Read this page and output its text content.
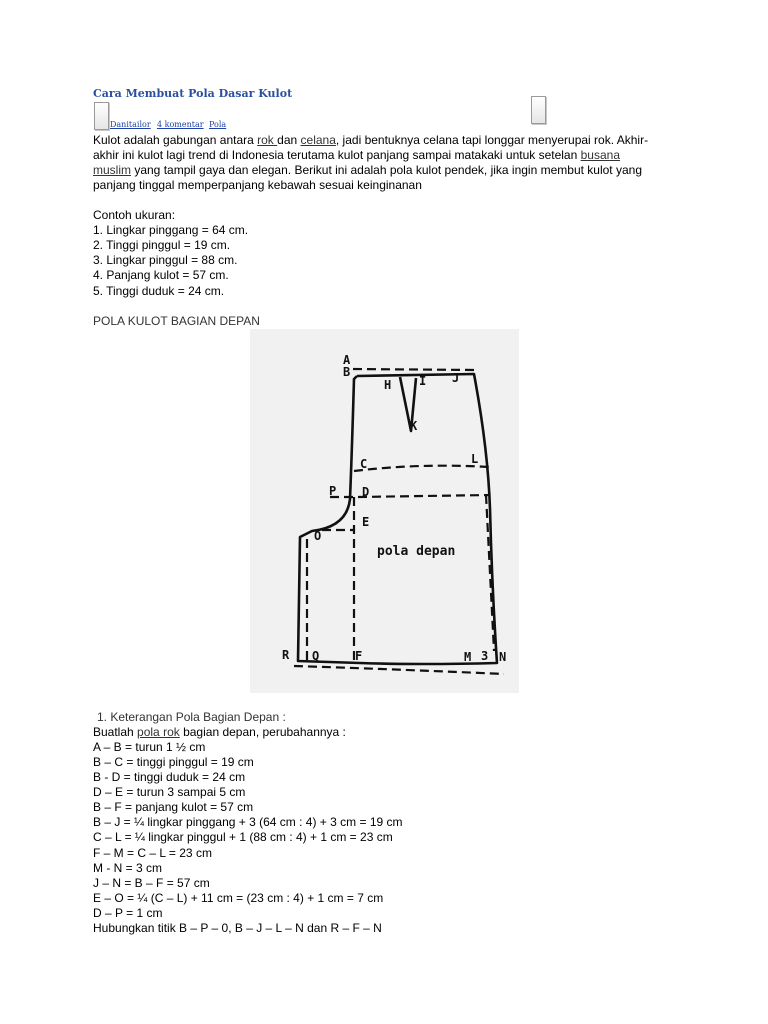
Cara Membuat Pola Dasar Kulot
Danitailor 4 komentar Pola
Kulot adalah gabungan antara rok dan celana, jadi bentuknya celana tapi longgar menyerupai rok. Akhir-
akhir ini kulot lagi trend di Indonesia terutama kulot panjang sampai matakaki untuk setelan busana
muslim yang tampil gaya dan elegan. Berikut ini adalah pola kulot pendek, jika ingin membut kulot yang
panjang tinggal memperpanjang kebawah sesuai keinginanan
Contoh ukuran:
1. Lingkar pinggang = 64 cm.
2. Tinggi pinggul = 19 cm.
3. Lingkar pinggul = 88 cm.
4. Panjang kulot = 57 cm.
5. Tinggi duduk = 24 cm.
POLA KULOT BAGIAN DEPAN
A
B
H I J
K
C	L
P D
E
O
pola depan
R Q	F	M 3 N
1. Keterangan Pola Bagian Depan :
Buatlah pola rok bagian depan, perubahannya :
A – B = turun 1 ½ cm
B – C = tinggi pinggul = 19 cm
B - D = tinggi duduk = 24 cm
D – E = turun 3 sampai 5 cm
B – F = panjang kulot = 57 cm
B – J = ¼ lingkar pinggang + 3 (64 cm : 4) + 3 cm = 19 cm
C – L = ¼ lingkar pinggul + 1 (88 cm : 4) + 1 cm = 23 cm
F – M = C – L = 23 cm
M - N = 3 cm
J – N = B – F = 57 cm
E – O = ¼ (C – L) + 11 cm = (23 cm : 4) + 1 cm = 7 cm
D – P = 1 cm
Hubungkan titik B – P – 0, B – J – L – N dan R – F – N
